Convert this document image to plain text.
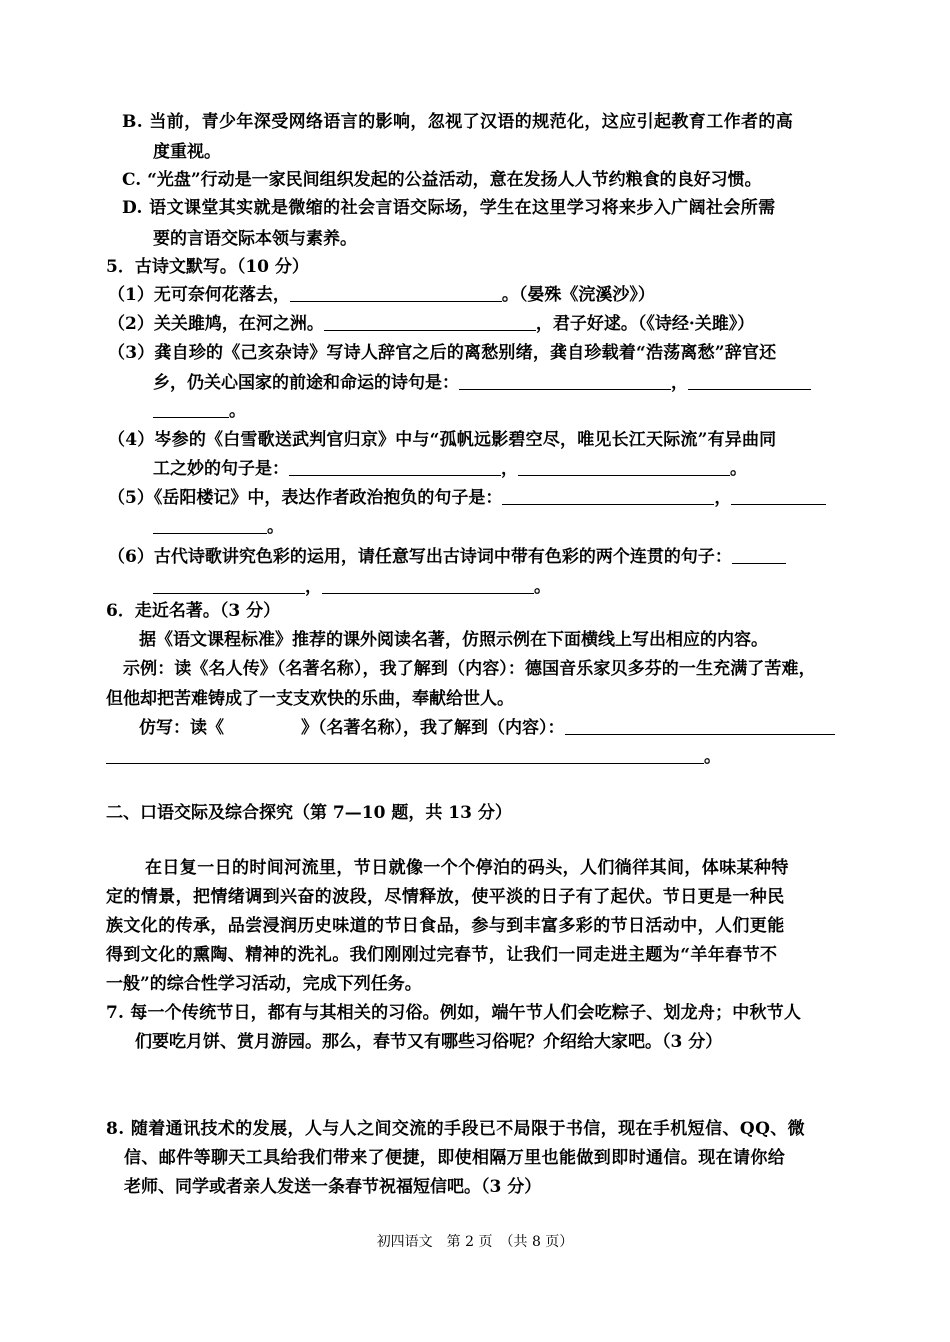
B. 当前，青少年深受网络语言的影响，忽视了汉语的规范化，这应引起教育工作者的高
度重视。
C. “光盘”行动是一家民间组织发起的公益活动，意在发扬人人节约粮食的良好习惯。
D. 语文课堂其实就是微缩的社会言语交际场，学生在这里学习将来步入广阔社会所需
要的言语交际本领与素养。
5．古诗文默写。（10 分）
（1）无可奈何花落去，	。（晏殊《浣溪沙》）
（2）关关雎鸠，在河之洲。	，君子好逑。（《诗经·关雎》）
（3）龚自珍的《己亥杂诗》写诗人辞官之后的离愁别绪，龚自珍载着“浩荡离愁”辞官还
乡，仍关心国家的前途和命运的诗句是：	，
。
（4）岑参的《白雪歌送武判官归京》中与“孤帆远影碧空尽，唯见长江天际流”有异曲同
工之妙的句子是：	，	。
（5）《岳阳楼记》中，表达作者政治抱负的句子是：	，
。
（6）古代诗歌讲究色彩的运用，请任意写出古诗词中带有色彩的两个连贯的句子：
，	。
6．走近名著。（3 分）
据《语文课程标准》推荐的课外阅读名著，仿照示例在下面横线上写出相应的内容。
示例：读《名人传》（名著名称），我了解到（内容）：德国音乐家贝多芬的一生充满了苦难，
但他却把苦难铸成了一支支欢快的乐曲，奉献给世人。
仿写：读《	》（名著名称），我了解到（内容）：
。
二、口语交际及综合探究（第 7—10 题，共 13 分）
在日复一日的时间河流里，节日就像一个个停泊的码头，人们徜徉其间，体味某种特
定的情景，把情绪调到兴奋的波段，尽情释放，使平淡的日子有了起伏。节日更是一种民
族文化的传承，品尝浸润历史味道的节日食品，参与到丰富多彩的节日活动中，人们更能
得到文化的熏陶、精神的洗礼。我们刚刚过完春节，让我们一同走进主题为“羊年春节不
一般”的综合性学习活动，完成下列任务。
7. 每一个传统节日，都有与其相关的习俗。例如，端午节人们会吃粽子、划龙舟；中秋节人
们要吃月饼、赏月游园。那么，春节又有哪些习俗呢？介绍给大家吧。（3 分）
8. 随着通讯技术的发展，人与人之间交流的手段已不局限于书信，现在手机短信、QQ、微
信、邮件等聊天工具给我们带来了便捷，即使相隔万里也能做到即时通信。现在请你给
老师、同学或者亲人发送一条春节祝福短信吧。（3 分）
初四语文　第 2 页　（共 8 页）
